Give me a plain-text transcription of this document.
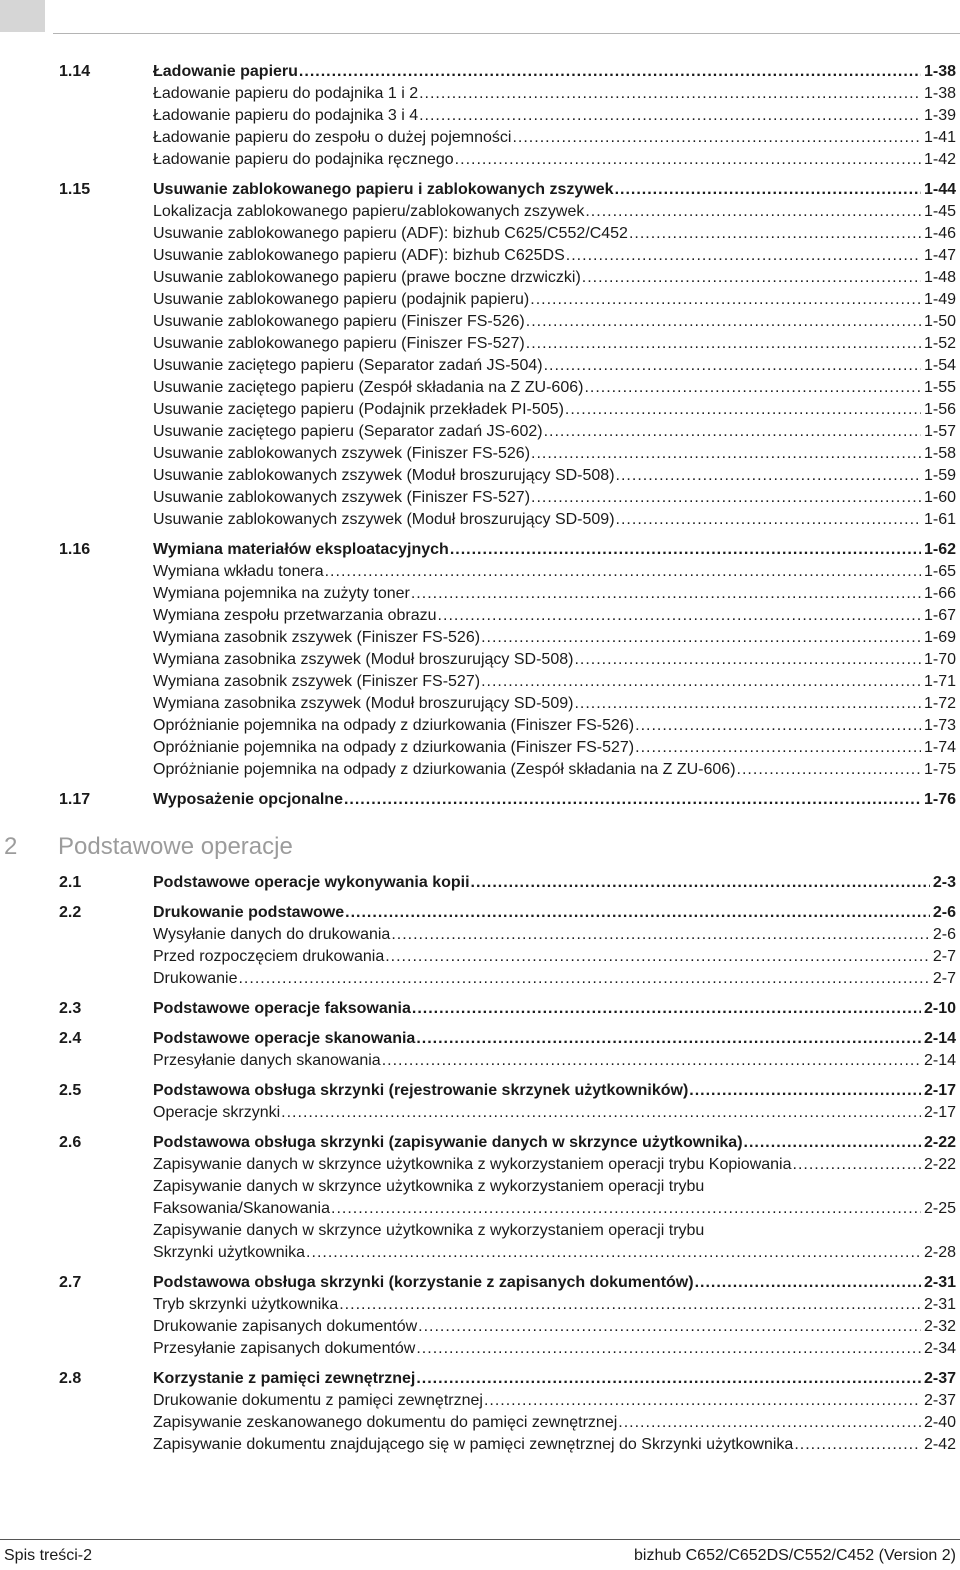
1.14	Ładowanie papieru .....	1-38
Ładowanie papieru do podajnika 1 i 2 .....	1-38
Ładowanie papieru do podajnika 3 i 4 .....	1-39
Ładowanie papieru do zespołu o dużej pojemności .....	1-41
Ładowanie papieru do podajnika ręcznego .....	1-42
1.15	Usuwanie zablokowanego papieru i zablokowanych zszywek .....	1-44
Lokalizacja zablokowanego papieru/zablokowanych zszywek .....	1-45
Usuwanie zablokowanego papieru (ADF): bizhub C625/C552/C452 .....	1-46
Usuwanie zablokowanego papieru (ADF): bizhub C625DS .....	1-47
Usuwanie zablokowanego papieru (prawe boczne drzwiczki) .....	1-48
Usuwanie zablokowanego papieru (podajnik papieru) .....	1-49
Usuwanie zablokowanego papieru (Finiszer FS-526) .....	1-50
Usuwanie zablokowanego papieru (Finiszer FS-527) .....	1-52
Usuwanie zaciętego papieru (Separator zadań JS-504) .....	1-54
Usuwanie zaciętego papieru (Zespół składania na Z ZU-606) .....	1-55
Usuwanie zaciętego papieru (Podajnik przekładek PI-505) .....	1-56
Usuwanie zaciętego papieru (Separator zadań JS-602) .....	1-57
Usuwanie zablokowanych zszywek (Finiszer FS-526) .....	1-58
Usuwanie zablokowanych zszywek (Moduł broszurujący SD-508) .....	1-59
Usuwanie zablokowanych zszywek (Finiszer FS-527) .....	1-60
Usuwanie zablokowanych zszywek (Moduł broszurujący SD-509) .....	1-61
1.16	Wymiana materiałów eksploatacyjnych .....	1-62
Wymiana wkładu tonera .....	1-65
Wymiana pojemnika na zużyty toner .....	1-66
Wymiana zespołu przetwarzania obrazu .....	1-67
Wymiana zasobnik zszywek (Finiszer FS-526) .....	1-69
Wymiana zasobnika zszywek (Moduł broszurujący SD-508) .....	1-70
Wymiana zasobnik zszywek (Finiszer FS-527) .....	1-71
Wymiana zasobnika zszywek (Moduł broszurujący SD-509) .....	1-72
Opróżnianie pojemnika na odpady z dziurkowania (Finiszer FS-526) .....	1-73
Opróżnianie pojemnika na odpady z dziurkowania (Finiszer FS-527) .....	1-74
Opróżnianie pojemnika na odpady z dziurkowania (Zespół składania na Z ZU-606) .....	1-75
1.17	Wyposażenie opcjonalne .....	1-76
2 Podstawowe operacje
2.1	Podstawowe operacje wykonywania kopii .....	2-3
2.2	Drukowanie podstawowe .....	2-6
Wysyłanie danych do drukowania .....	2-6
Przed rozpoczęciem drukowania .....	2-7
Drukowanie .....	2-7
2.3	Podstawowe operacje faksowania .....	2-10
2.4	Podstawowe operacje skanowania .....	2-14
Przesyłanie danych skanowania .....	2-14
2.5	Podstawowa obsługa skrzynki (rejestrowanie skrzynek użytkowników) .....	2-17
Operacje skrzynki .....	2-17
2.6	Podstawowa obsługa skrzynki (zapisywanie danych w skrzynce użytkownika) .....	2-22
Zapisywanie danych w skrzynce użytkownika z wykorzystaniem operacji trybu Kopiowania .....	2-22
Zapisywanie danych w skrzynce użytkownika z wykorzystaniem operacji trybu
Faksowania/Skanowania .....	2-25
Zapisywanie danych w skrzynce użytkownika z wykorzystaniem operacji trybu
Skrzynki użytkownika .....	2-28
2.7	Podstawowa obsługa skrzynki (korzystanie z zapisanych dokumentów) .....	2-31
Tryb skrzynki użytkownika .....	2-31
Drukowanie zapisanych dokumentów .....	2-32
Przesyłanie zapisanych dokumentów .....	2-34
2.8	Korzystanie z pamięci zewnętrznej .....	2-37
Drukowanie dokumentu z pamięci zewnętrznej .....	2-37
Zapisywanie zeskanowanego dokumentu do pamięci zewnętrznej .....	2-40
Zapisywanie dokumentu znajdującego się w pamięci zewnętrznej do Skrzynki użytkownika .....	2-42
Spis treści-2	bizhub C652/C652DS/C552/C452 (Version 2)
